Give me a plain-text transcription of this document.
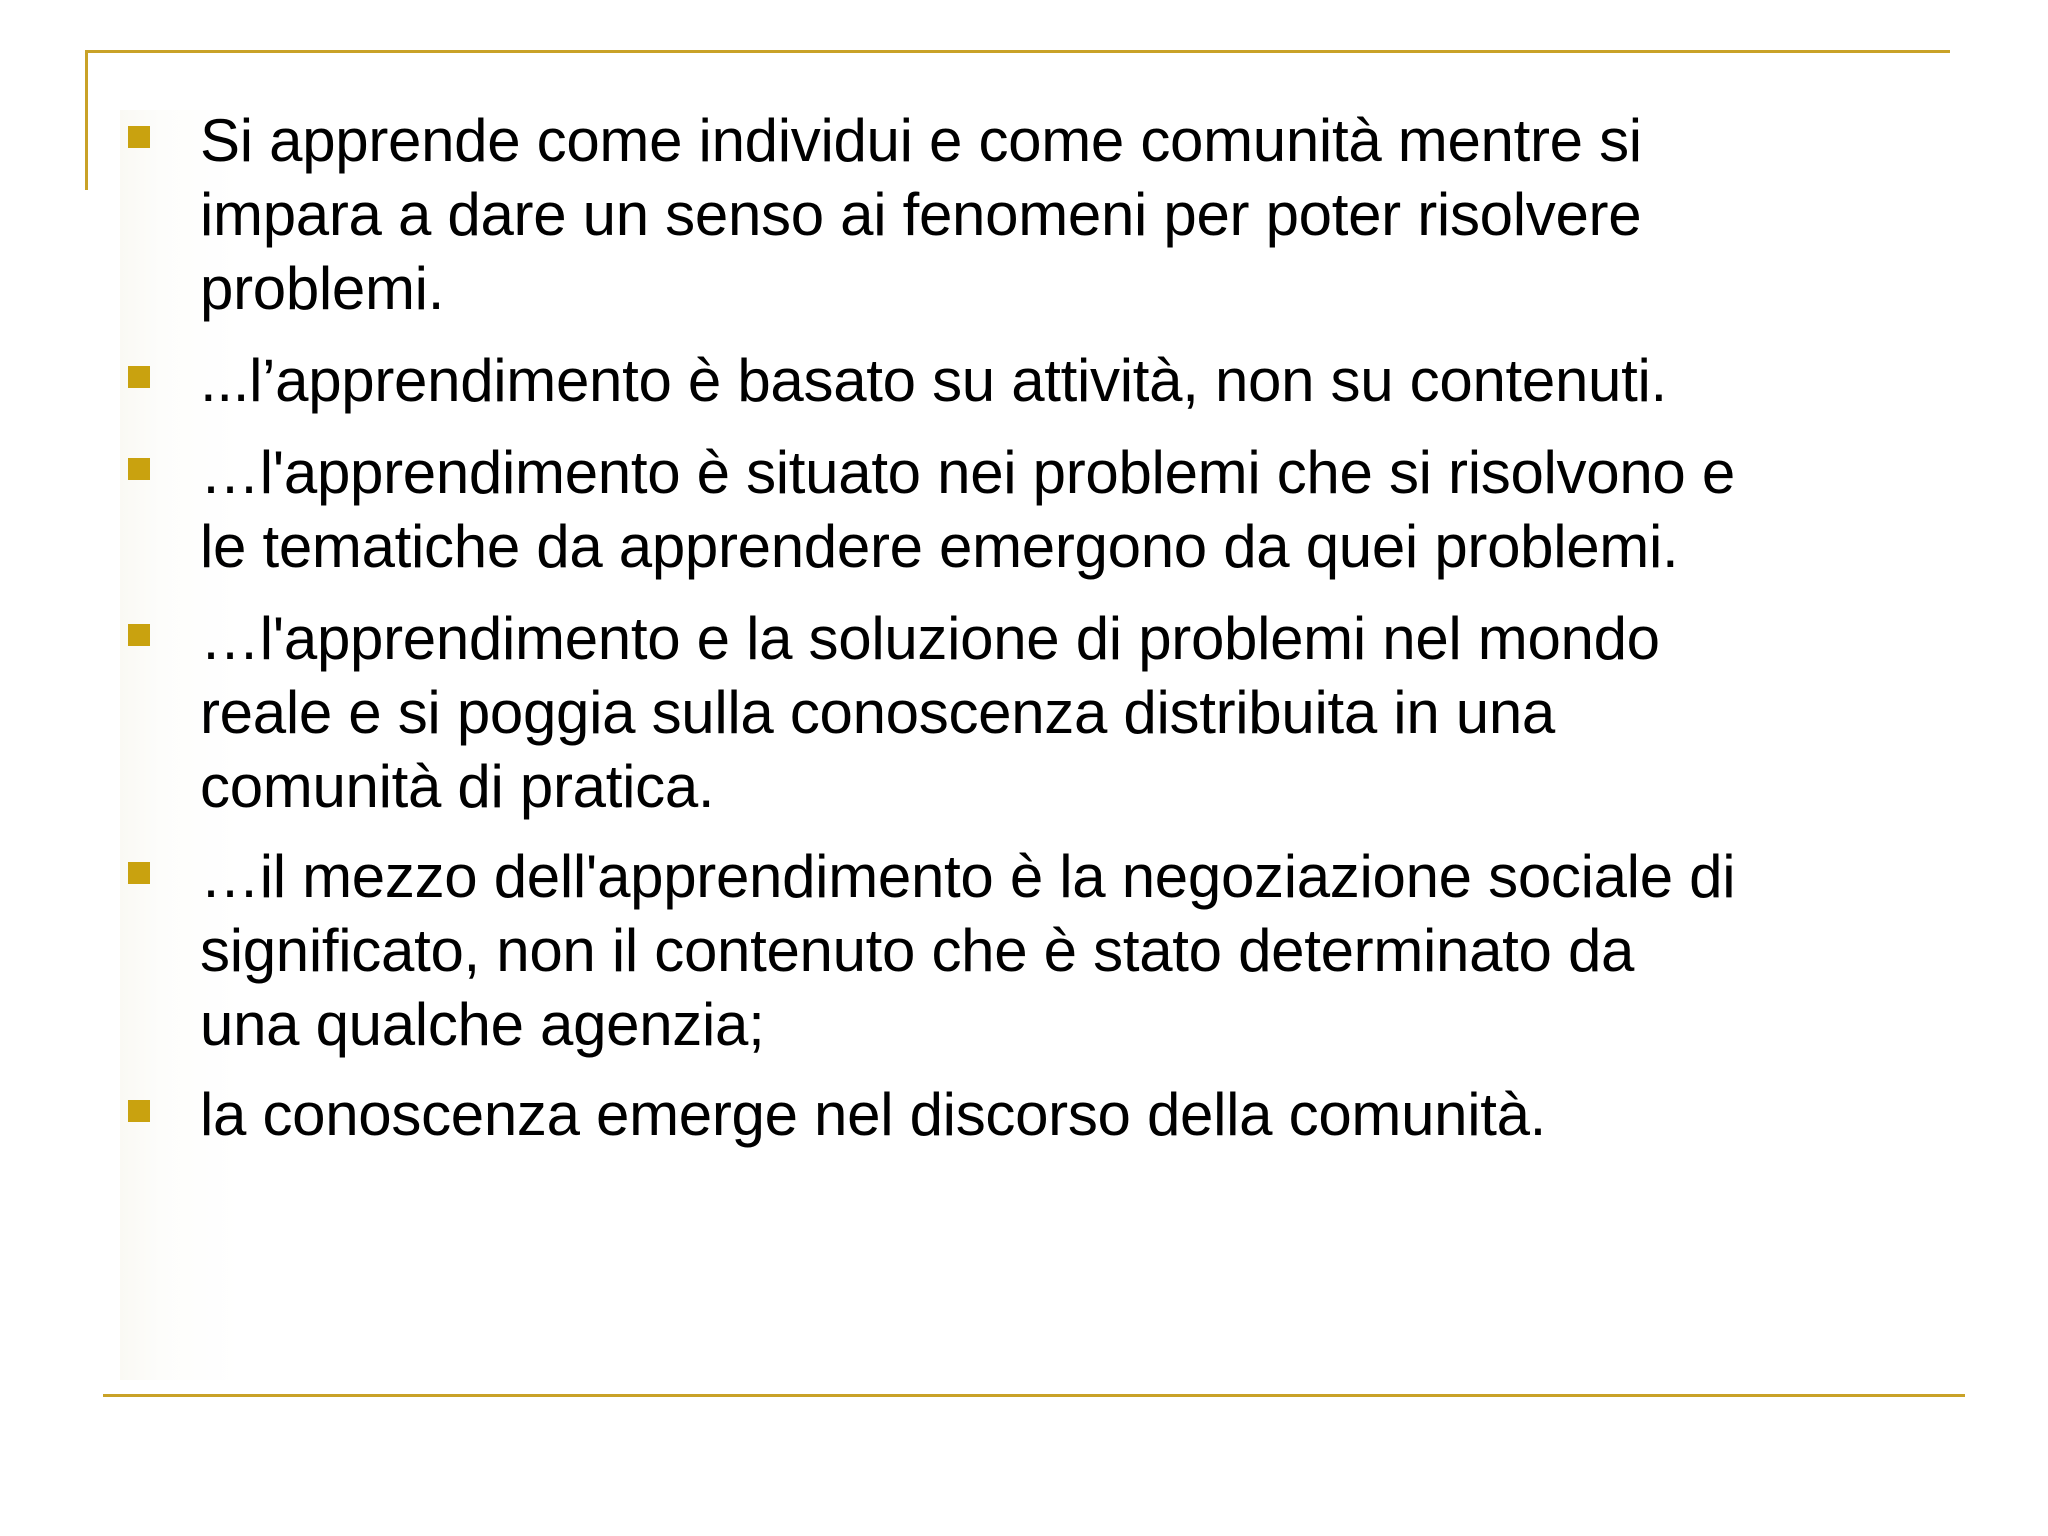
Si apprende come individui e come comunità mentre si
impara a dare un senso ai fenomeni per poter risolvere
problemi.

...l’apprendimento è basato su attività, non su contenuti.

…l'apprendimento è situato nei problemi che si risolvono e
le tematiche da apprendere emergono da quei problemi.

…l'apprendimento e la soluzione di problemi nel mondo
reale e si poggia sulla conoscenza distribuita in una
comunità di pratica.

…il mezzo dell'apprendimento è la negoziazione sociale di
significato, non il contenuto che è stato determinato da
una qualche agenzia;

la conoscenza emerge nel discorso della comunità.
